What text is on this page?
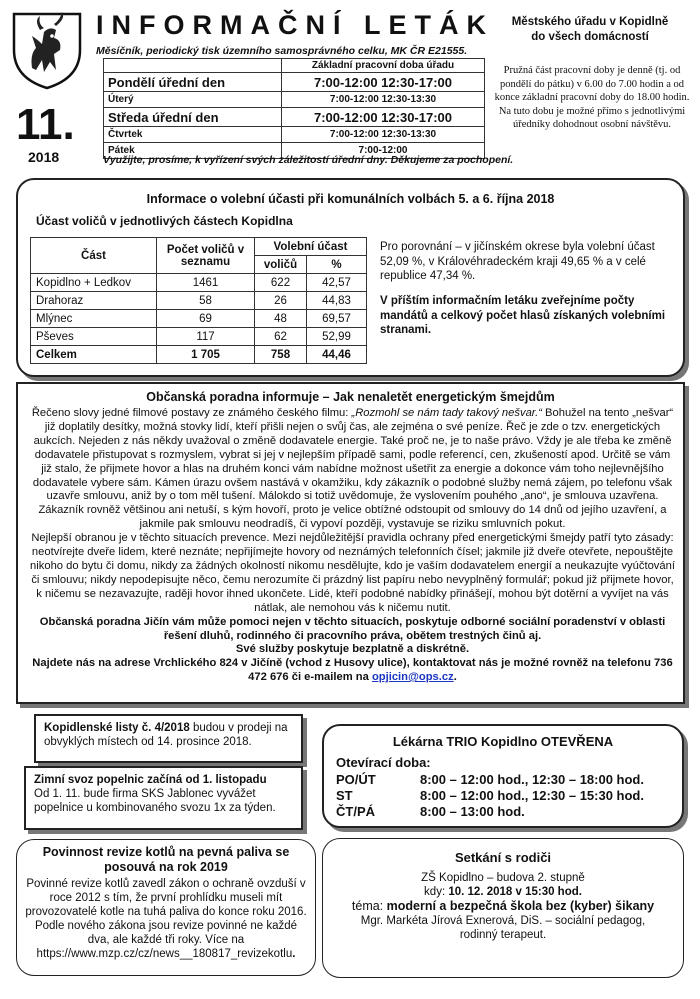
INFORMAČNÍ LETÁK
Měsíčník, periodický tisk územního samosprávného celku, MK ČR E21555.
Městského úřadu v Kopidlně
do všech domácností
11.
2018
	Základní pracovní doba úřadu
Pondělí úřední den	7:00-12:00 12:30-17:00
Úterý	7:00-12:00 12:30-13:30
Středa úřední den	7:00-12:00 12:30-17:00
Čtvrtek	7:00-12:00 12:30-13:30
Pátek	7:00-12:00
Pružná část pracovní doby je denně (tj. od pondělí do pátku) v 6.00 do 7.00 hodin a od konce základní pracovní doby do 18.00 hodin. Na tuto dobu je možné přímo s jednotlivými úředníky dohodnout osobní návštěvu.
Využijte, prosíme, k vyřízení svých záležitostí úřední dny. Děkujeme za pochopení.
Informace o volební účasti při komunálních volbách 5. a 6. října 2018
Účast voličů v jednotlivých částech Kopidlna
Část	Počet voličů v seznamu	Volební účast	
		voličů	%
Kopidlno + Ledkov	1461	622	42,57
Drahoraz	58	26	44,83
Mlýnec	69	48	69,57
Pševes	117	62	52,99
Celkem	1 705	758	44,46
Pro porovnání – v jičínském okrese byla volební účast 52,09 %, v Královéhradeckém kraji 49,65 % a v celé republice 47,34 %.
V příštím informačním letáku zveřejníme počty mandátů a celkový počet hlasů získaných volebními stranami.
Občanská poradna informuje – Jak nenaletět energetickým šmejdům

Řečeno slovy jedné filmové postavy ze známého českého filmu: „Rozmohl se nám tady takový nešvar.“ Bohužel na tento „nešvar“ již doplatily desítky, možná stovky lidí, kteří přišli nejen o svůj čas, ale zejména o své peníze. Řeč je zde o tzv. energetických aukcích. Nejeden z nás někdy uvažoval o změně dodavatele energie. Také proč ne, je to naše právo. Vždy je ale třeba ke změně dodavatele přistupovat s rozmyslem, vybrat si jej v nejlepším případě sami, podle referencí, cen, zkušeností apod. Určitě se vám již stalo, že přijmete hovor a hlas na druhém konci vám nabídne možnost ušetřit za energie a dokonce vám toho nejlevnějšího dodavatele vybere sám. Kámen úrazu ovšem nastává v okamžiku, kdy zákazník o podobné služby nemá zájem, po telefonu však uzavře smlouvu, aniž by o tom měl tušení. Málokdo si totiž uvědomuje, že vyslovením pouhého „ano“, je smlouva uzavřena. Zákazník rovněž většinou ani netuší, s kým hovoří, proto je velice obtížné odstoupit od smlouvy do 14 dnů od jejího uzavření, a jakmile pak smlouvu neodradíš, či vypoví později, vystavuje se riziku smluvních pokut.

Nejlepší obranou je v těchto situacích prevence. Mezi nejdůležitější pravidla ochrany před energetickými šmejdy patří tyto zásady: neotvírejte dveře lidem, které neznáte; nepřijímejte hovory od neznámých telefonních čísel; jakmile již dveře otevřete, nepouštějte nikoho do bytu či domu, nikdy za žádných okolností nikomu nesdělujte, kdo je vaším dodavatelem energií a neukazujte vyúčtování či smlouvu; nikdy nepodepisujte něco, čemu nerozumíte či prázdný list papíru nebo nevyplněný formulář; pokud již přijmete hovor, k ničemu se nezavazujte, raději hovor ihned ukončete. Lidé, kteří podobné nabídky přinášejí, mohou být dotěrní a vyvíjet na vás nátlak, ale nemohou vás k ničemu nutit.

Občanská poradna Jičín vám může pomoci nejen v těchto situacích, poskytuje odborné sociální poradenství v oblasti řešení dluhů, rodinného či pracovního práva, obětem trestných činů aj.

Své služby poskytuje bezplatně a diskrétně.

Najdete nás na adrese Vrchlického 824 v Jičíně (vchod z Husovy ulice), kontaktovat nás je možné rovněž na telefonu 736 472 676 či e-mailem na opjicin@ops.cz.

Kopidlenské listy č. 4/2018 budou v prodeji na obvyklých místech od 14. prosince 2018.
Zimní svoz popelnic začíná od 1. listopadu
Od 1. 11. bude firma SKS Jablonec vyvážet popelnice u kombinovaného svozu 1x za týden.
Povinnost revize kotlů na pevná paliva se posouvá na rok 2019
Povinné revize kotlů zavedl zákon o ochraně ovzduší v roce 2012 s tím, že první prohlídku museli mít provozovatelé kotle na tuhá paliva do konce roku 2016. Podle nového zákona jsou revize povinné ne každé dva, ale každé tři roky. Více na
https://www.mzp.cz/cz/news__180817_revizekotlu.
Lékárna TRIO Kopidlno OTEVŘENA
Otevírací doba:
PO/ÚT	8:00 – 12:00 hod., 12:30 – 18:00 hod.
ST	8:00 – 12:00 hod., 12:30 – 15:30 hod.
ČT/PÁ	8:00 – 13:00 hod.
Setkání s rodiči
ZŠ Kopidlno – budova 2. stupně
kdy: 10. 12. 2018 v 15:30 hod.
téma: moderní a bezpečná škola bez (kyber) šikany
Mgr. Markéta Jírová Exnerová, DiS. – sociální pedagog, rodinný terapeut.
